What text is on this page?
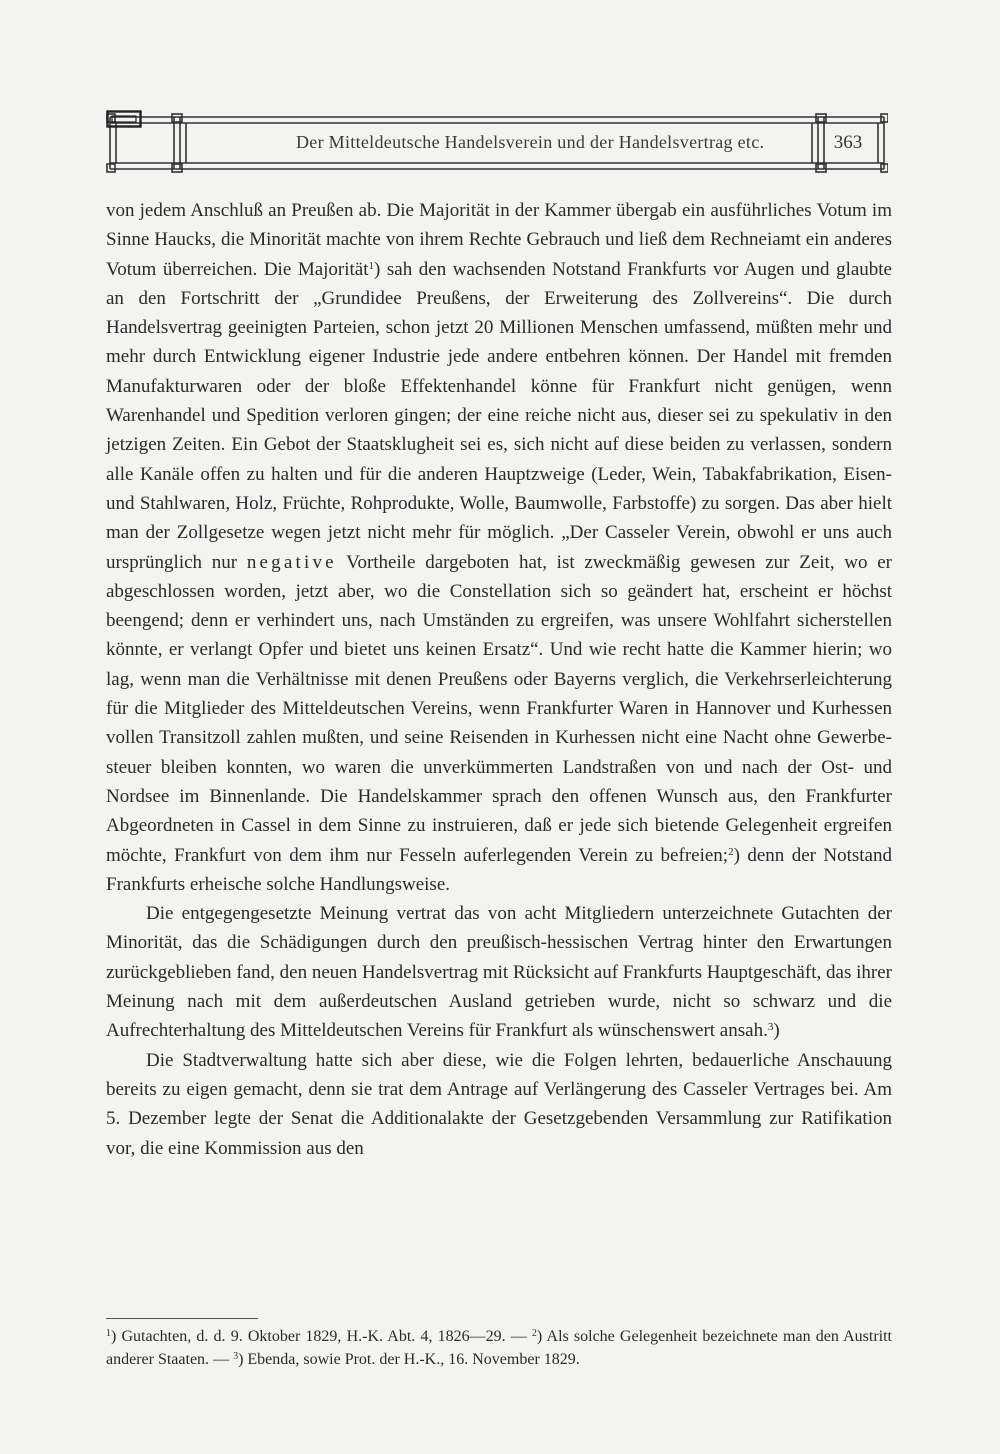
Der Mitteldeutsche Handelsverein und der Handelsvertrag etc.	363

von jedem Anschluß an Preußen ab. Die Majorität in der Kammer übergab ein ausführliches Votum im Sinne Haucks, die Minorität machte von ihrem Rechte Gebrauch und ließ dem Rechneiamt ein anderes Votum überreichen. Die Majorität$^1$) sah den wachsenden Notstand Frankfurts vor Augen und glaubte an den Fortschritt der „Grundidee Preußens, der Erweiterung des Zollvereins“. Die durch Handelsvertrag geeinigten Parteien, schon jetzt 20 Millionen Menschen umfassend, müßten mehr und mehr durch Entwicklung eigener Industrie jede andere entbehren können. Der Handel mit fremden Manufakturwaren oder der bloße Effektenhandel könne für Frankfurt nicht genügen, wenn Warenhandel und Spedition verloren gingen; der eine reiche nicht aus, dieser sei zu spekulativ in den jetzigen Zeiten. Ein Gebot der Staatsklugheit sei es, sich nicht auf diese beiden zu verlassen, sondern alle Kanäle offen zu halten und für die anderen Hauptzweige (Leder, Wein, Tabakfabrikation, Eisen- und Stahlwaren, Holz, Früchte, Rohprodukte, Wolle, Baumwolle, Farbstoffe) zu sorgen. Das aber hielt man der Zollgesetze wegen jetzt nicht mehr für möglich. „Der Casseler Verein, obwohl er uns auch ursprünglich nur negative Vortheile dargeboten hat, ist zweckmäßig gewesen zur Zeit, wo er abgeschlossen worden, jetzt aber, wo die Constellation sich so geändert hat, erscheint er höchst beengend; denn er verhindert uns, nach Umständen zu ergreifen, was unsere Wohlfahrt sicherstellen könnte, er verlangt Opfer und bietet uns keinen Ersatz“. Und wie recht hatte die Kammer hierin; wo lag, wenn man die Verhältnisse mit denen Preußens oder Bayerns verglich, die Verkehrserleichterung für die Mitglieder des Mitteldeutschen Vereins, wenn Frankfurter Waren in Hannover und Kurhessen vollen Transitzoll zahlen mußten, und seine Reisenden in Kurhessen nicht eine Nacht ohne Gewerbesteuer bleiben konnten, wo waren die unverkümmerten Landstraßen von und nach der Ost- und Nordsee im Binnenlande. Die Handelskammer sprach den offenen Wunsch aus, den Frankfurter Abgeordneten in Cassel in dem Sinne zu instruieren, daß er jede sich bietende Gelegenheit ergreifen möchte, Frankfurt von dem ihm nur Fesseln auferlegenden Verein zu befreien;$^2$) denn der Notstand Frankfurts erheische solche Handlungsweise.

Die entgegengesetzte Meinung vertrat das von acht Mitgliedern unterzeichnete Gutachten der Minorität, das die Schädigungen durch den preußisch-hessischen Vertrag hinter den Erwartungen zurückgeblieben fand, den neuen Handelsvertrag mit Rücksicht auf Frankfurts Hauptgeschäft, das ihrer Meinung nach mit dem außerdeutschen Ausland getrieben wurde, nicht so schwarz und die Aufrechterhaltung des Mitteldeutschen Vereins für Frankfurt als wünschenswert ansah.$^3$)

Die Stadtverwaltung hatte sich aber diese, wie die Folgen lehrten, bedauerliche Anschauung bereits zu eigen gemacht, denn sie trat dem Antrage auf Verlängerung des Casseler Vertrages bei. Am 5. Dezember legte der Senat die Additionalakte der Gesetzgebenden Versammlung zur Ratifikation vor, die eine Kommission aus den

$^1$) Gutachten, d. d. 9. Oktober 1829, H.-K. Abt. 4, 1826—29. — $^2$) Als solche Gelegenheit bezeichnete man den Austritt anderer Staaten. — $^3$) Ebenda, sowie Prot. der H.-K., 16. November 1829.
